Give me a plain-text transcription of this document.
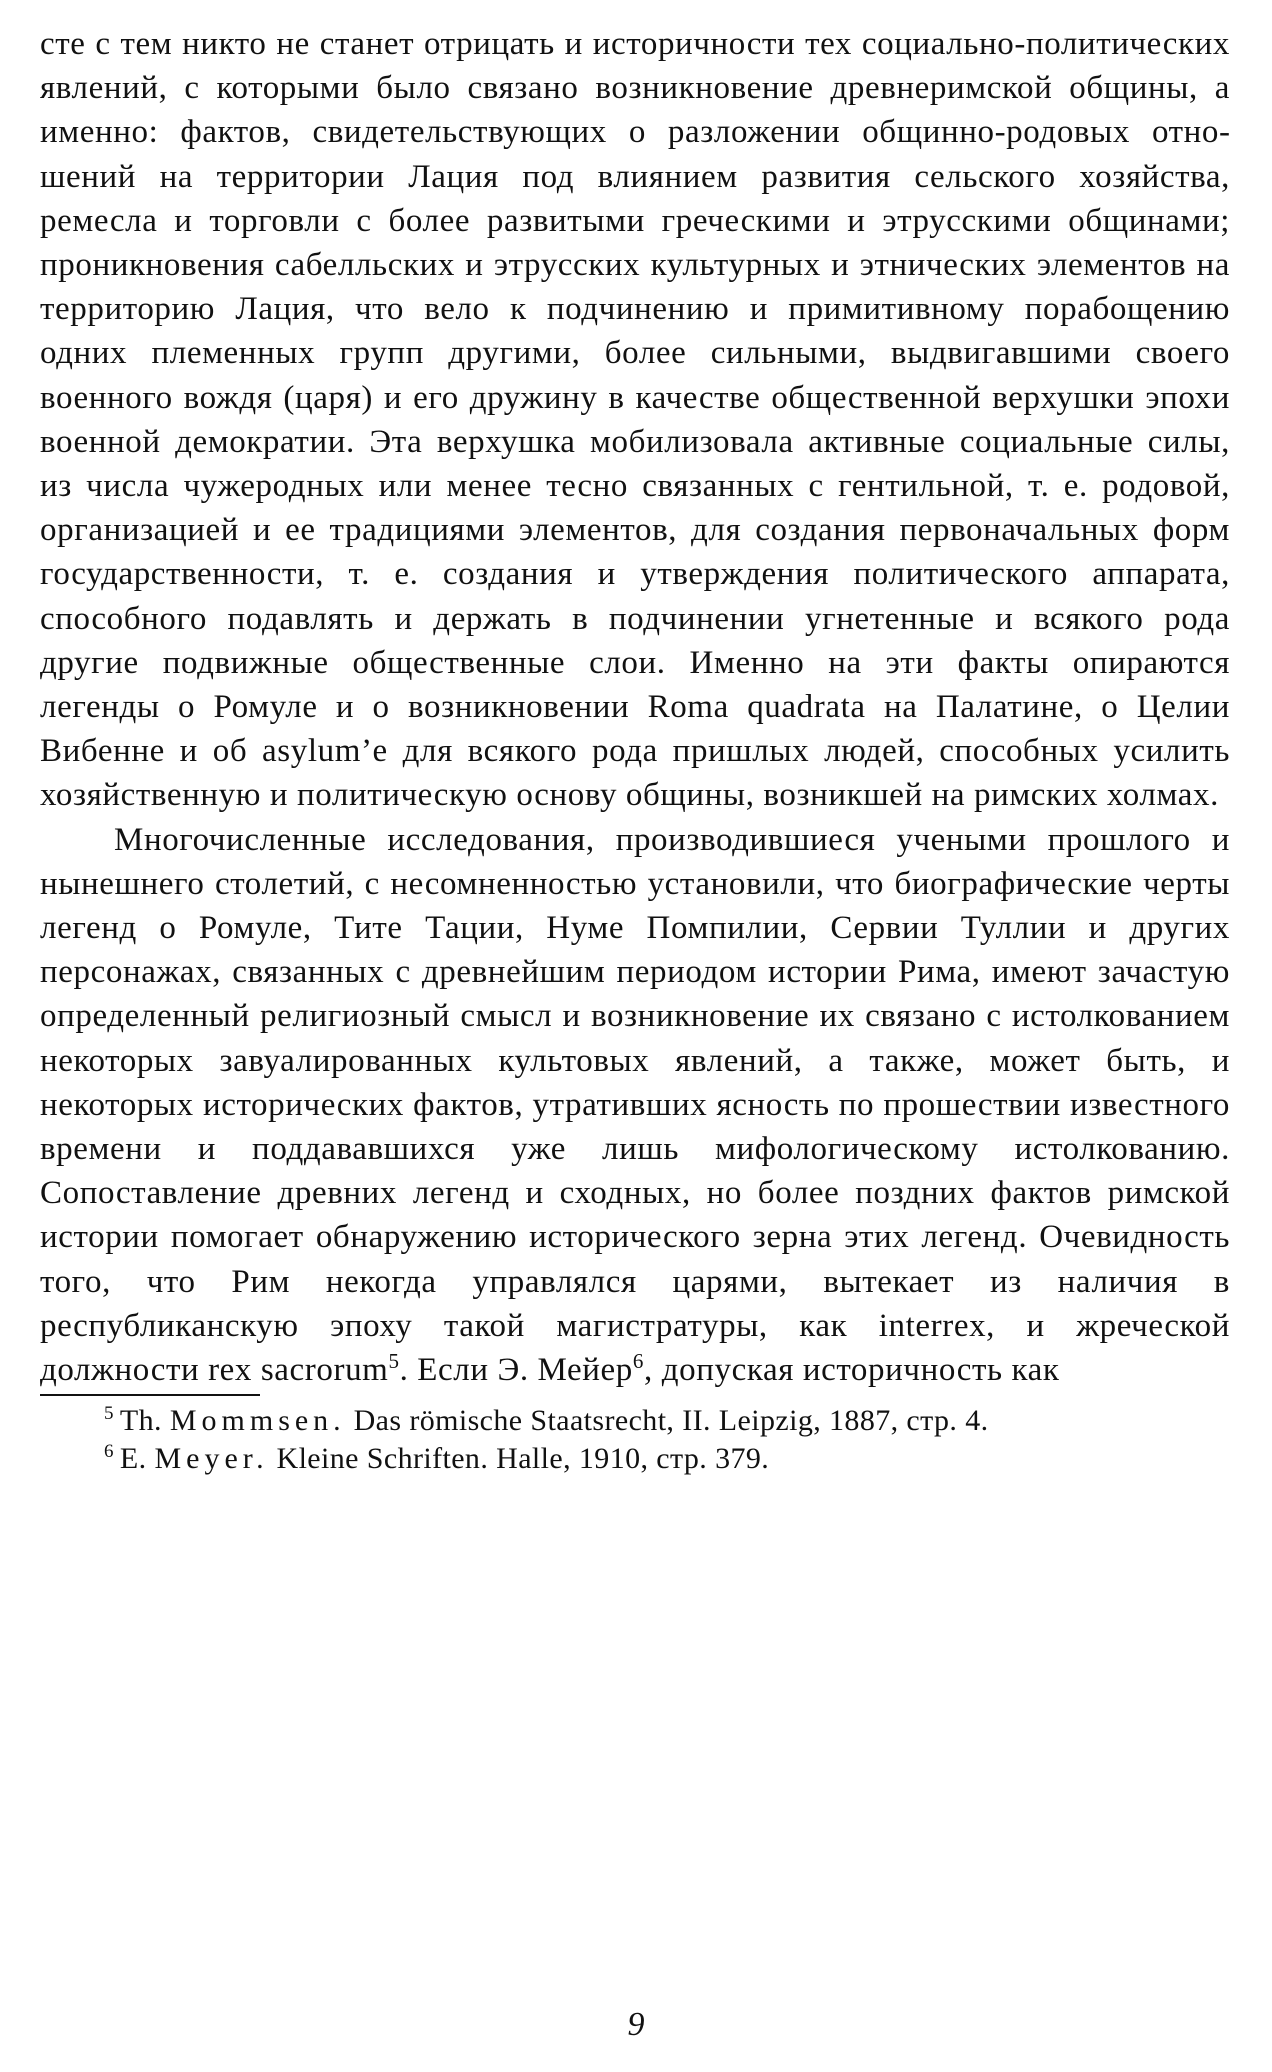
сте с тем никто не станет отрицать и историчности тех социально-политических явлений, с которыми было связано возникновение древнеримской общины, а именно: фактов, свидетельствующих о разложении общинно-родовых отношений на территории Лация под влиянием развития сельского хозяйства, ремесла и торговли с более развитыми греческими и этрусскими общинами; проникновения сабелльских и этрусских культурных и этнических элементов на территорию Лация, что вело к подчинению и примитивному порабощению одних племенных групп другими, более сильными, выдвигавшими своего военного вождя (царя) и его дружину в качестве общественной верхушки эпохи военной демократии. Эта верхушка мобилизовала активные социальные силы, из числа чужеродных или менее тесно связанных с гентильной, т. е. родовой, организацией и ее традициями элементов, для создания первоначальных форм государственности, т. е. создания и утверждения политического аппарата, способного подавлять и держать в подчинении угнетенные и всякого рода другие подвижные общественные слои. Именно на эти факты опираются легенды о Ромуле и о возникновении Roma quadrata на Палатине, о Целии Вибенне и об asylum’е для всякого рода пришлых людей, способных усилить хозяйственную и политическую основу общины, возникшей на римских холмах.

Многочисленные исследования, производившиеся учеными прошлого и нынешнего столетий, с несомненностью установили, что биографические черты легенд о Ромуле, Тите Тации, Нуме Помпилии, Сервии Туллии и других персонажах, связанных с древнейшим периодом истории Рима, имеют зачастую определенный религиозный смысл и возникновение их связано с истолкованием некоторых завуалированных культовых явлений, а также, может быть, и некоторых исторических фактов, утративших ясность по прошествии известного времени и поддававшихся уже лишь мифологическому истолкованию. Сопоставление древних легенд и сходных, но более поздних фактов римской истории помогает обнаружению исторического зерна этих легенд. Очевидность того, что Рим некогда управлялся царями, вытекает из наличия в республиканскую эпоху такой магистратуры, как interrex, и жреческой должности rex sacrorum$^5$. Если Э. Мейер$^6$, допуская историчность как

$^5$ Th. Mommsen. Das römische Staatsrecht, II. Leipzig, 1887, стр. 4.

$^6$ E. Meyer. Kleine Schriften. Halle, 1910, стр. 379.

9
